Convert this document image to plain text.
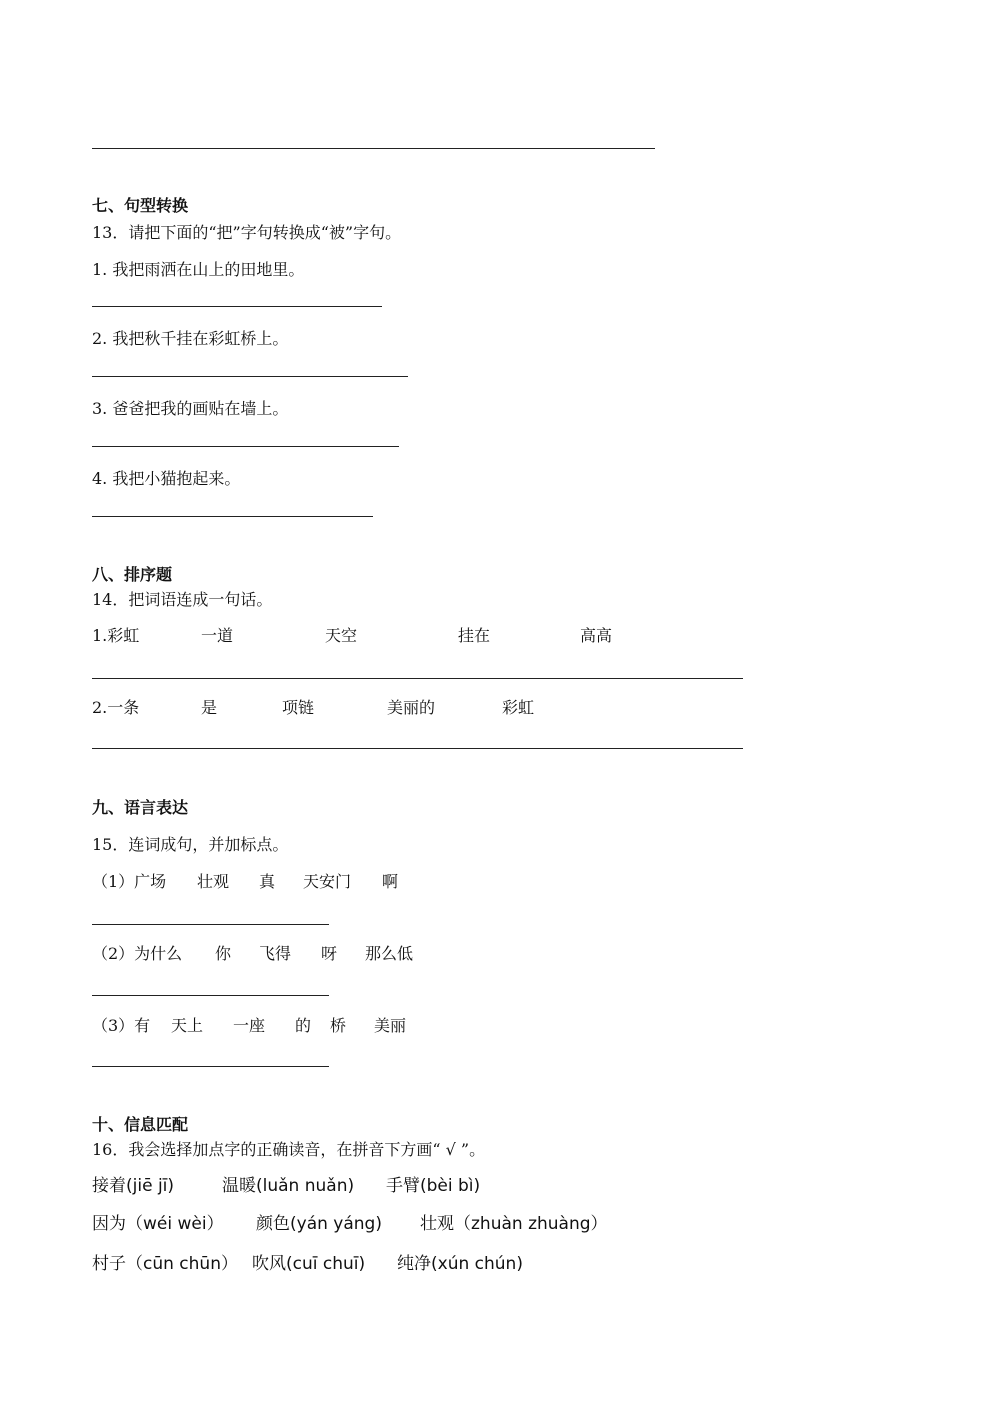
七、句型转换
13．请把下面的“把”字句转换成“被”字句。
1. 我把雨洒在山上的田地里。
2. 我把秋千挂在彩虹桥上。
3. 爸爸把我的画贴在墙上。
4. 我把小猫抱起来。
八、排序题
14．把词语连成一句话。
1.彩虹	一道	天空	挂在	高高
2.一条	是	项链	美丽的	彩虹
九、语言表达
15．连词成句，并加标点。
（1）广场 壮观 真 天安门 啊
（2）为什么 你 飞得 呀 那么低
（3）有 天上 一座 的 桥 美丽
十、信息匹配
16．我会选择加点字的正确读音，在拼音下方画“ √ ”。
接着(jiē jī)	温暖(luǎn nuǎn) 手臂(bèi bì)
因为（wéi wèi） 颜色(yán yáng) 壮观（zhuàn zhuàng）
村子（cūn chūn） 吹风(cuī chuī) 纯净(xún chún)
